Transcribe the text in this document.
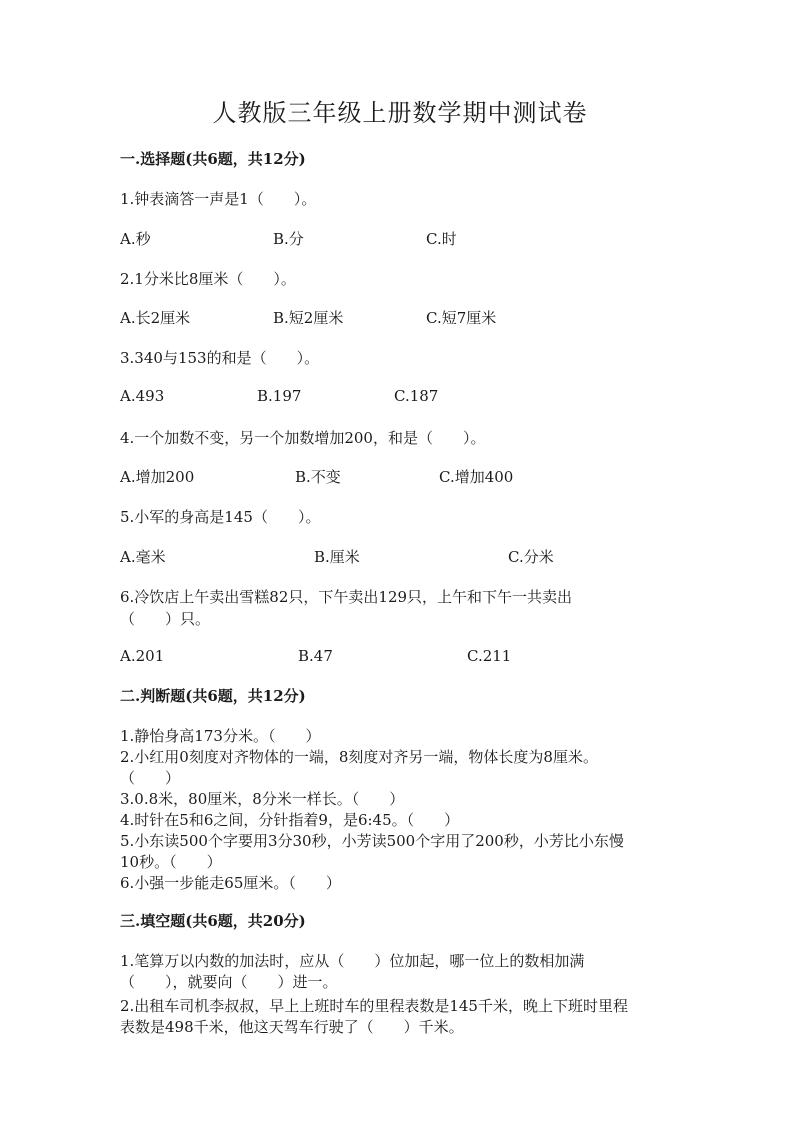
人教版三年级上册数学期中测试卷
一.选择题(共6题，共12分)
1.钟表滴答一声是1（　　）。
A.秒	B.分	C.时
2.1分米比8厘米（　　）。
A.长2厘米	B.短2厘米	C.短7厘米
3.340与153的和是（　　）。
A.493	B.197	C.187
4.一个加数不变，另一个加数增加200，和是（　　）。
A.增加200	B.不变	C.增加400
5.小军的身高是145（　　）。
A.毫米	B.厘米	C.分米
6.冷饮店上午卖出雪糕82只，下午卖出129只，上午和下午一共卖出
（　　）只。
A.201	B.47	C.211
二.判断题(共6题，共12分)
1.静怡身高173分米。（　　）
2.小红用0刻度对齐物体的一端，8刻度对齐另一端，物体长度为8厘米。
（　　）
3.0.8米，80厘米，8分米一样长。（　　）
4.时针在5和6之间，分针指着9，是6:45。（　　）
5.小东读500个字要用3分30秒，小芳读500个字用了200秒，小芳比小东慢
10秒。（　　）
6.小强一步能走65厘米。（　　）
三.填空题(共6题，共20分)
1.笔算万以内数的加法时，应从（　　）位加起，哪一位上的数相加满
（　　），就要向（　　）进一。
2.出租车司机李叔叔，早上上班时车的里程表数是145千米，晚上下班时里程
表数是498千米，他这天驾车行驶了（　　）千米。
